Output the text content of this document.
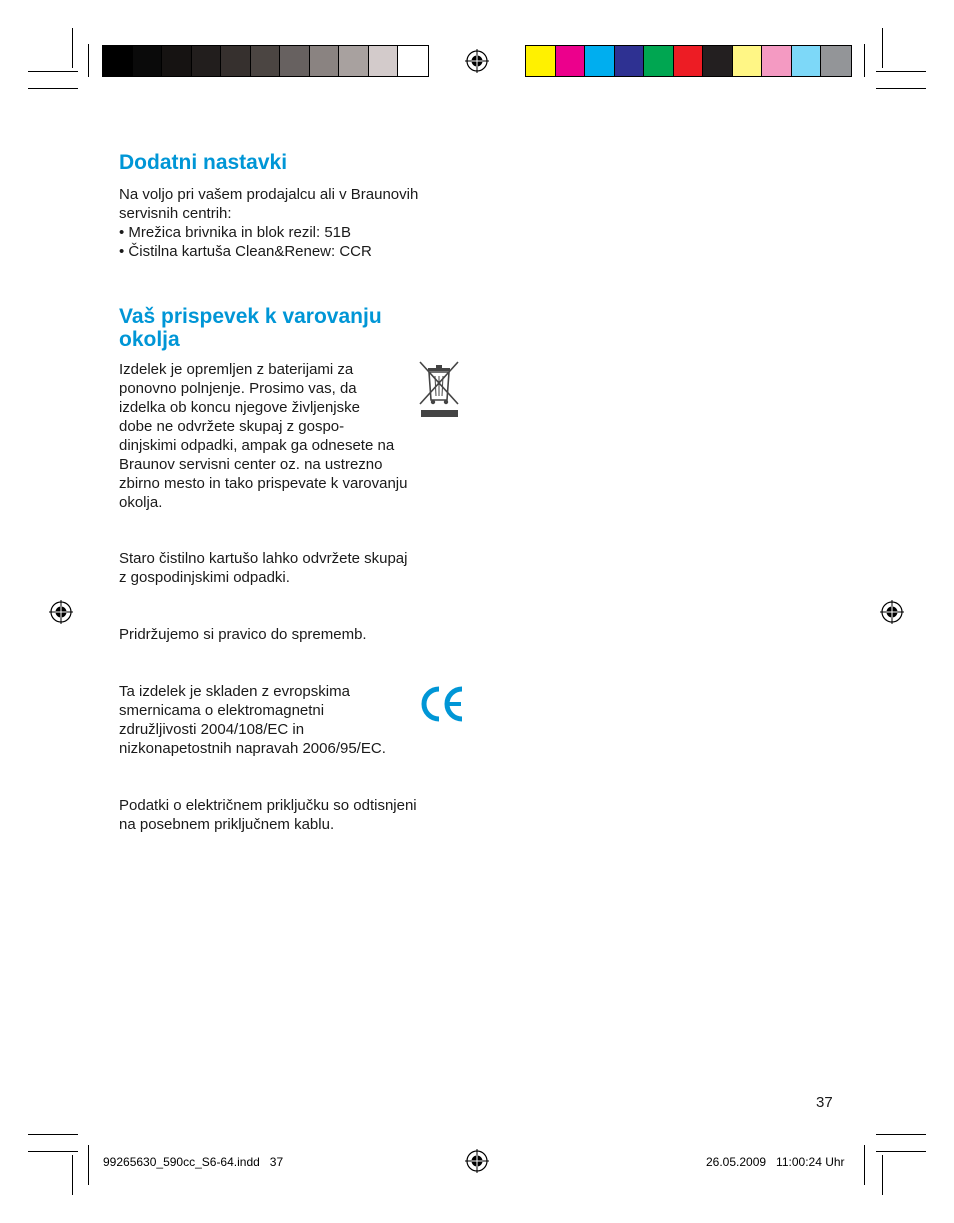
Dodatni nastavki

Na voljo pri vašem prodajalcu ali v Braunovih

servisnih centrih:

• Mrežica brivnika in blok rezil: 51B
• Čistilna kartuša Clean&Renew: CCR
Vaš prispevek k varovanju
okolja

Izdelek je opremljen z baterijami za

ponovno polnjenje. Prosimo vas, da

izdelka ob koncu njegove življenjske

dobe ne odvržete skupaj z gospo-

dinjskimi odpadki, ampak ga odnesete na

Braunov servisni center oz. na ustrezno

zbirno mesto in tako prispevate k varovanju

okolja.

Staro čistilno kartušo lahko odvržete skupaj

z gospodinjskimi odpadki.

Pridržujemo si pravico do sprememb.

Ta izdelek je skladen z evropskima

smernicama o elektromagnetni

združljivosti 2004/108/EC in

nizkonapetostnih napravah 2006/95/EC.

Podatki o električnem priključku so odtisnjeni

na posebnem priključnem kablu.

37

99265630_590cc_S6-64.indd   37	26.05.2009   11:00:24 Uhr
